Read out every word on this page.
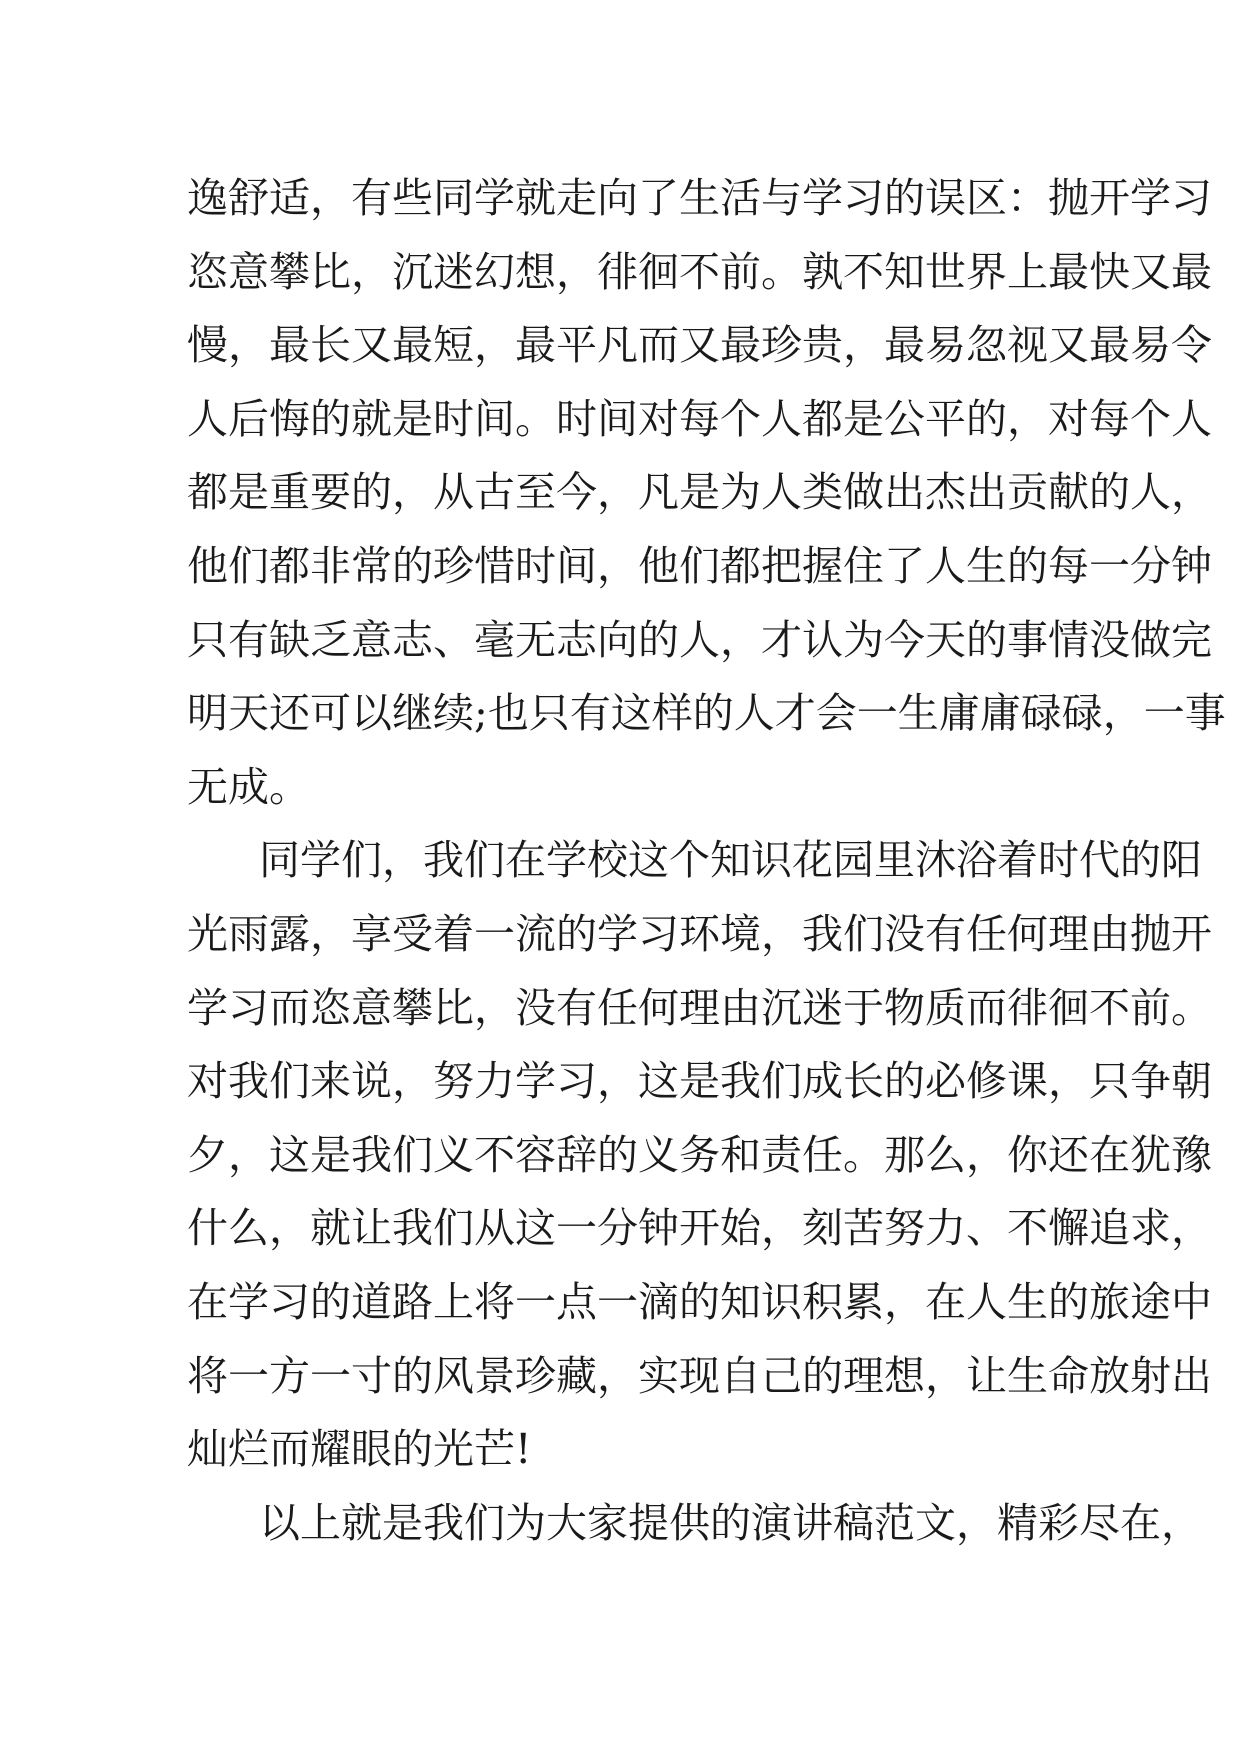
逸舒适，有些同学就走向了生活与学习的误区：抛开学习
恣意攀比，沉迷幻想，徘徊不前。孰不知世界上最快又最
慢，最长又最短，最平凡而又最珍贵，最易忽视又最易令
人后悔的就是时间。时间对每个人都是公平的，对每个人
都是重要的，从古至今，凡是为人类做出杰出贡献的人，
他们都非常的珍惜时间，他们都把握住了人生的每一分钟
只有缺乏意志、毫无志向的人，才认为今天的事情没做完
明天还可以继续;也只有这样的人才会一生庸庸碌碌，一事
无成。
同学们，我们在学校这个知识花园里沐浴着时代的阳
光雨露，享受着一流的学习环境，我们没有任何理由抛开
学习而恣意攀比，没有任何理由沉迷于物质而徘徊不前。
对我们来说，努力学习，这是我们成长的必修课，只争朝
夕，这是我们义不容辞的义务和责任。那么，你还在犹豫
什么，就让我们从这一分钟开始，刻苦努力、不懈追求，
在学习的道路上将一点一滴的知识积累，在人生的旅途中
将一方一寸的风景珍藏，实现自己的理想，让生命放射出
灿烂而耀眼的光芒!
以上就是我们为大家提供的演讲稿范文，精彩尽在，
